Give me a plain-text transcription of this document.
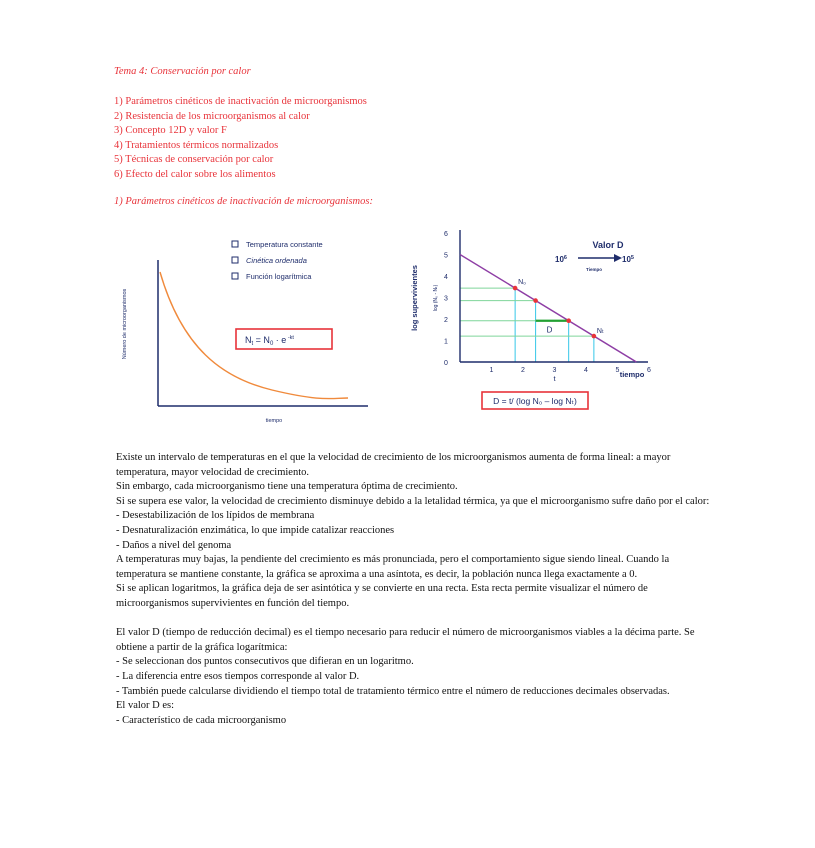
Tema 4: Conservación por calor
1) Parámetros cinéticos de inactivación de microorganismos
2) Resistencia de los microorganismos al calor
3) Concepto 12D y valor F
4) Tratamientos térmicos normalizados
5) Técnicas de conservación por calor
6) Efecto del calor sobre los alimentos
1) Parámetros cinéticos de inactivación de microorganismos:
Temperatura constante
Cinética ordenada
Función logarítmica
$N_t = N_0 \cdot e$ $^{-kt}$
Número de microorganismos
tiempo
6
5
4
3
2
1
0
1	2	3	4	5	6
N₀
Nₜ
D
t
log supervivientes	log (N₀ - Nₜ)
tiempo
Valor D
$10^6$	$10^5$
Tiempo
D = t/ (log N₀ – log Nₜ)

Existe un intervalo de temperaturas en el que la velocidad de crecimiento de los microorganismos aumenta de forma lineal: a mayor temperatura, mayor velocidad de crecimiento.

Sin embargo, cada microorganismo tiene una temperatura óptima de crecimiento.

Si se supera ese valor, la velocidad de crecimiento disminuye debido a la letalidad térmica, ya que el microorganismo sufre daño por el calor:

- Desestabilización de los lípidos de membrana

- Desnaturalización enzimática, lo que impide catalizar reacciones

- Daños a nivel del genoma

A temperaturas muy bajas, la pendiente del crecimiento es más pronunciada, pero el comportamiento sigue siendo lineal. Cuando la temperatura se mantiene constante, la gráfica se aproxima a una asíntota, es decir, la población nunca llega exactamente a 0.

Si se aplican logaritmos, la gráfica deja de ser asintótica y se convierte en una recta. Esta recta permite visualizar el número de microorganismos supervivientes en función del tiempo.

El valor D (tiempo de reducción decimal) es el tiempo necesario para reducir el número de microorganismos viables a la décima parte. Se obtiene a partir de la gráfica logarítmica:

- Se seleccionan dos puntos consecutivos que difieran en un logaritmo.

- La diferencia entre esos tiempos corresponde al valor D.

- También puede calcularse dividiendo el tiempo total de tratamiento térmico entre el número de reducciones decimales observadas.

El valor D es:

- Característico de cada microorganismo
